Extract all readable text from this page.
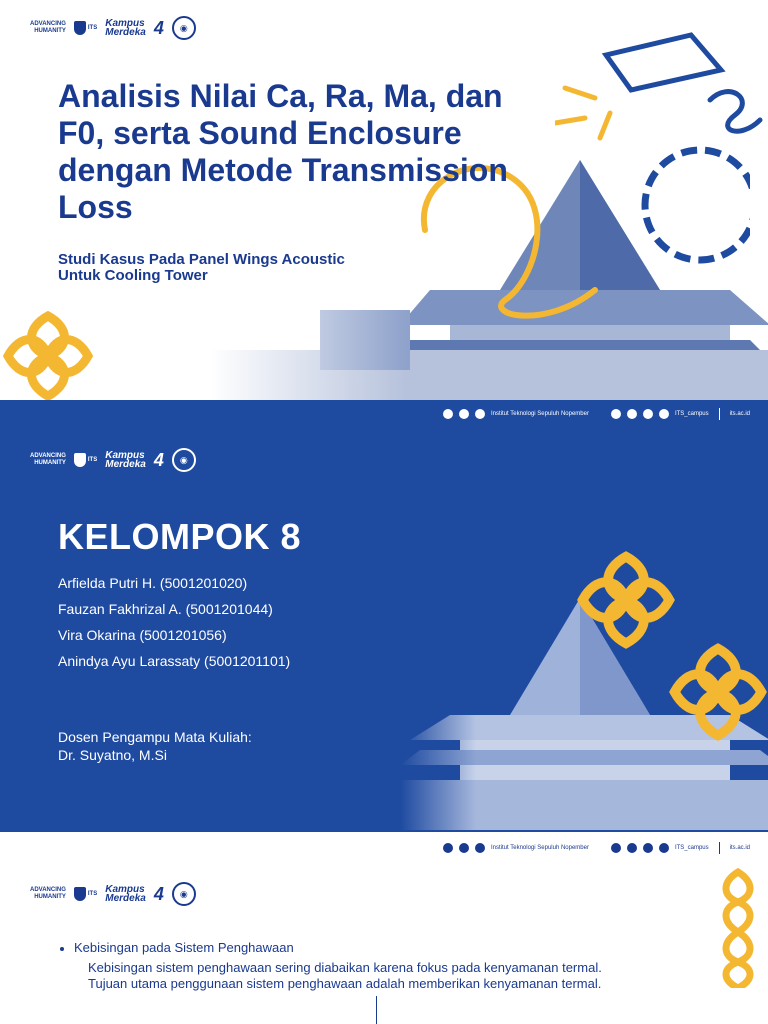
ADVANCING
HUMANITY	ITS Kampus
Merdeka 4	◉
Analisis Nilai Ca, Ra, Ma, dan F0, serta Sound Enclosure dengan Metode Transmission Loss
Studi Kasus Pada Panel Wings Acoustic Untuk Cooling Tower
Institut Teknologi Sepuluh Nopember	ITS_campus	its.ac.id
ADVANCING
HUMANITY	ITS Kampus
Merdeka 4	◉
KELOMPOK 8
Arfielda Putri H. (5001201020)
Fauzan Fakhrizal A. (5001201044)
Vira Okarina (5001201056)
Anindya Ayu Larassaty (5001201101)
Dosen Pengampu Mata Kuliah:
Dr. Suyatno, M.Si
Institut Teknologi Sepuluh Nopember	ITS_campus	its.ac.id
ADVANCING
HUMANITY	ITS Kampus
Merdeka 4	◉
Kebisingan pada Sistem Penghawaan
Kebisingan sistem penghawaan sering diabaikan karena fokus pada kenyamanan termal.
Tujuan utama penggunaan sistem penghawaan adalah memberikan kenyamanan termal.
